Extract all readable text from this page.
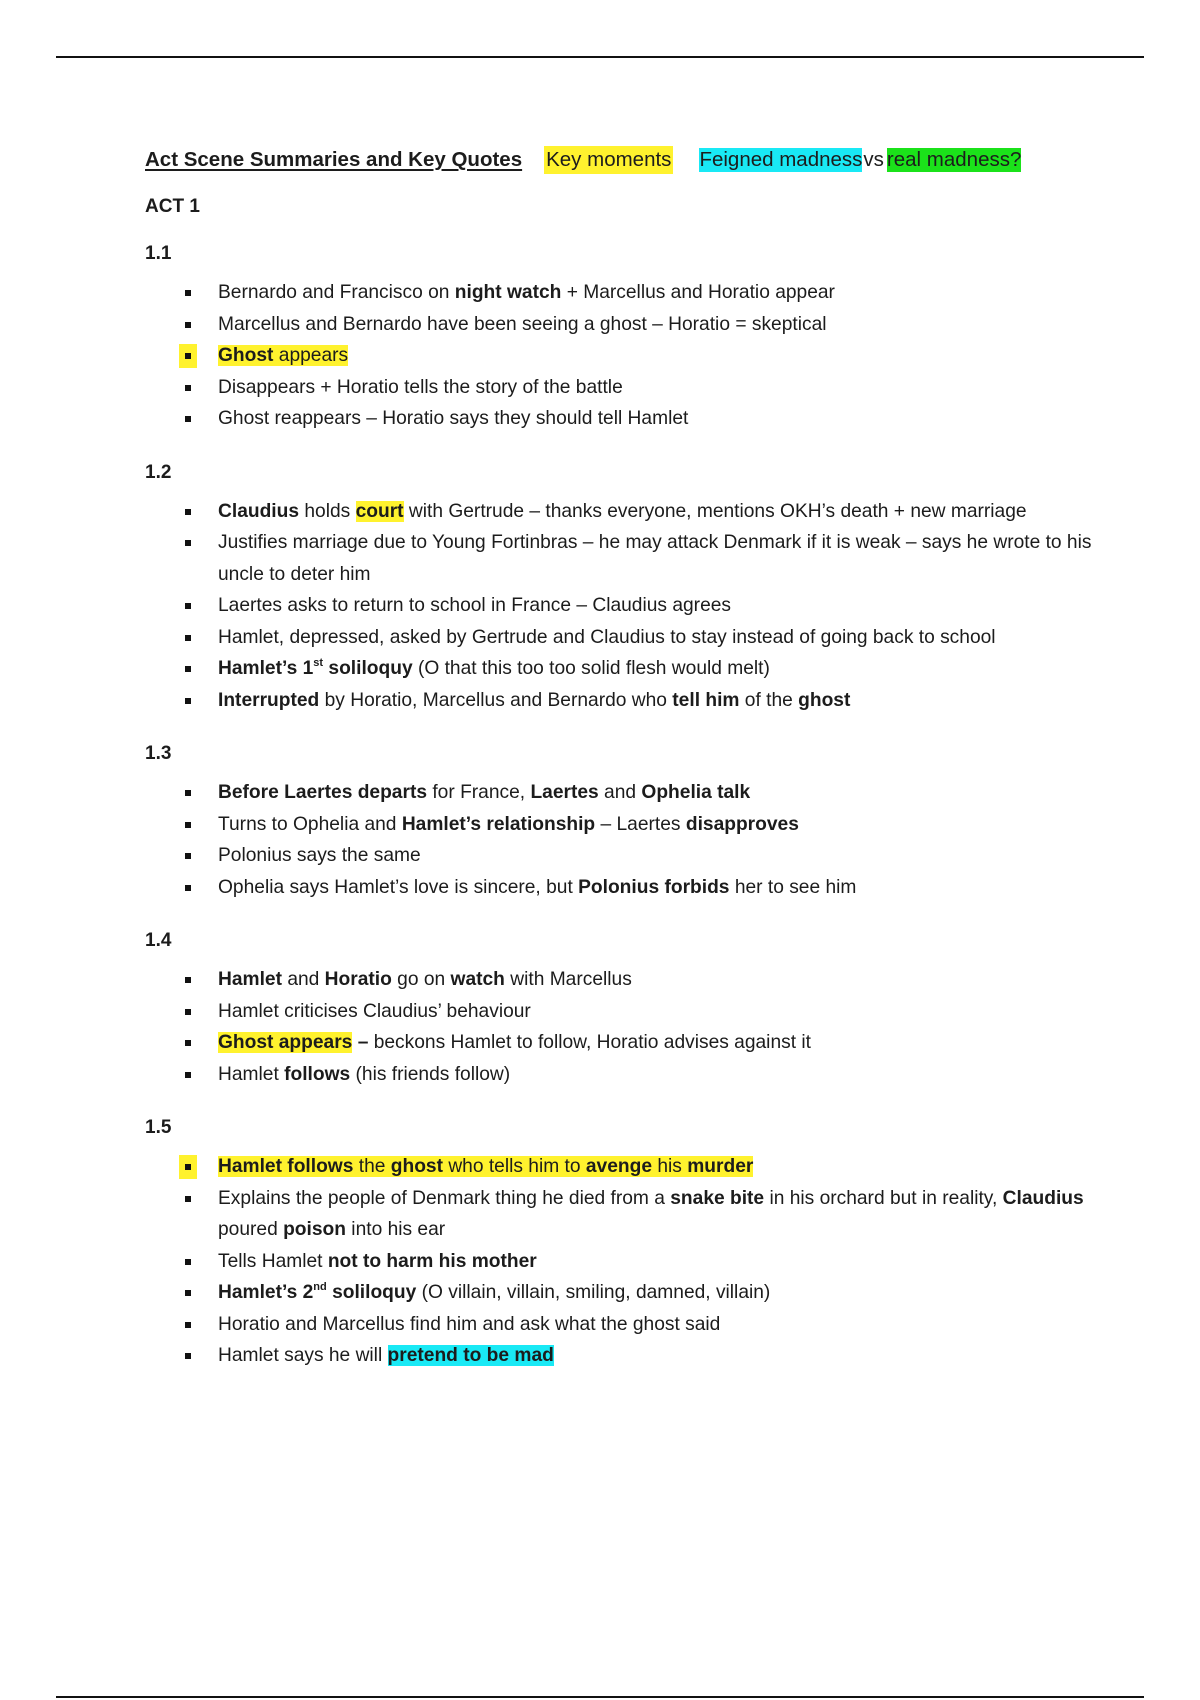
Act Scene Summaries and Key Quotes Key moments Feigned madness vs real madness?
ACT 1
1.1
Bernardo and Francisco on night watch + Marcellus and Horatio appear
Marcellus and Bernardo have been seeing a ghost – Horatio = skeptical
Ghost appears
Disappears + Horatio tells the story of the battle
Ghost reappears – Horatio says they should tell Hamlet
1.2
Claudius holds court with Gertrude – thanks everyone, mentions OKH’s death + new marriage
Justifies marriage due to Young Fortinbras – he may attack Denmark if it is weak – says he wrote to his uncle to deter him
Laertes asks to return to school in France – Claudius agrees
Hamlet, depressed, asked by Gertrude and Claudius to stay instead of going back to school
Hamlet’s 1st soliloquy (O that this too too solid flesh would melt)
Interrupted by Horatio, Marcellus and Bernardo who tell him of the ghost
1.3
Before Laertes departs for France, Laertes and Ophelia talk
Turns to Ophelia and Hamlet’s relationship – Laertes disapproves
Polonius says the same
Ophelia says Hamlet’s love is sincere, but Polonius forbids her to see him
1.4
Hamlet and Horatio go on watch with Marcellus
Hamlet criticises Claudius’ behaviour
Ghost appears – beckons Hamlet to follow, Horatio advises against it
Hamlet follows (his friends follow)
1.5
Hamlet follows the ghost who tells him to avenge his murder
Explains the people of Denmark thing he died from a snake bite in his orchard but in reality, Claudius poured poison into his ear
Tells Hamlet not to harm his mother
Hamlet’s 2nd soliloquy (O villain, villain, smiling, damned, villain)
Horatio and Marcellus find him and ask what the ghost said
Hamlet says he will pretend to be mad
